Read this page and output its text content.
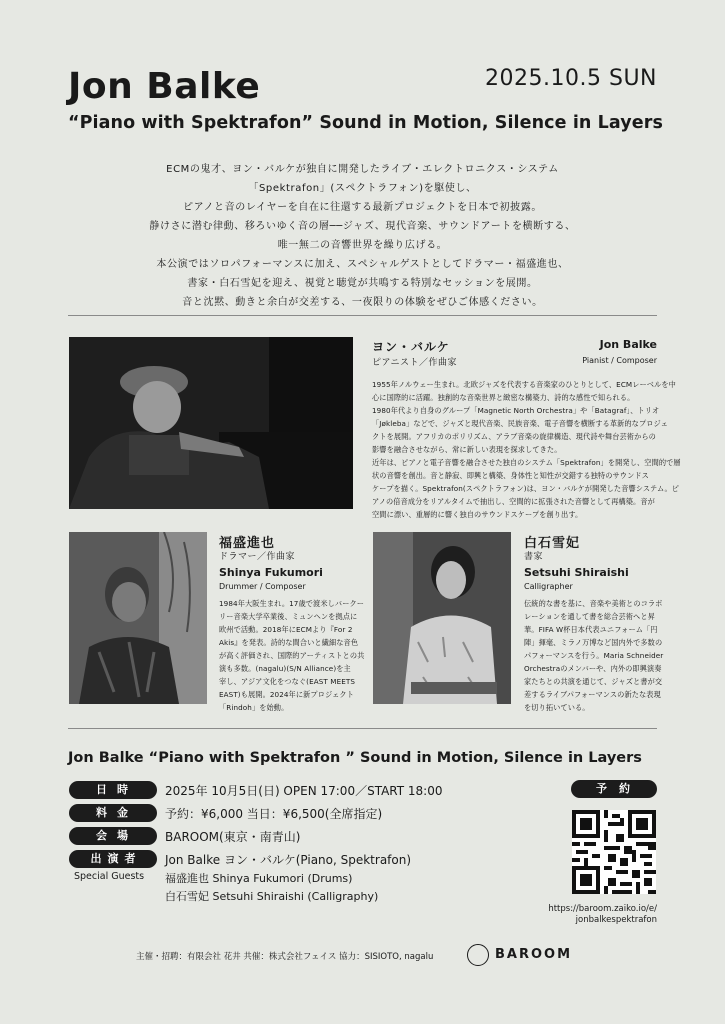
Jon Balke	2025.10.5 SUN
“Piano with Spektrafon” Sound in Motion, Silence in Layers
ECMの鬼才、ヨン・バルケが独自に開発したライブ・エレクトロニクス・システム
「Spektrafon」(スペクトラフォン)を駆使し、
ピアノと音のレイヤーを自在に往還する最新プロジェクトを日本で初披露。
静けさに潜む律動、移ろいゆく音の層──ジャズ、現代音楽、サウンドアートを横断する、
唯一無二の音響世界を繰り広げる。
本公演ではソロパフォーマンスに加え、スペシャルゲストとしてドラマー・福盛進也、
書家・白石雪妃を迎え、視覚と聴覚が共鳴する特別なセッションを展開。
音と沈黙、動きと余白が交差する、一夜限りの体験をぜひご体感ください。
ヨン・バルケ
ピアニスト／作曲家
Jon Balke
Pianist / Composer
1955年ノルウェー生まれ。北欧ジャズを代表する音楽家のひとりとして、ECMレーベルを中
心に国際的に活躍。独創的な音楽世界と緻密な構築力、詩的な感性で知られる。
1980年代より自身のグループ「Magnetic North Orchestra」や「Batagraf」、トリオ
「Jøkleba」などで、ジャズと現代音楽、民族音楽、電子音響を横断する革新的なプロジェ
クトを展開。アフリカのポリリズム、アラブ音楽の旋律構造、現代詩や舞台芸術からの
影響を融合させながら、常に新しい表現を探求してきた。
近年は、ピアノと電子音響を融合させた独自のシステム「Spektrafon」を開発し、空間的で層
状の音響を創出。音と静寂、即興と構築、身体性と知性が交錯する独特のサウンドス
ケープを描く。Spektrafon(スペクトラフォン)は、ヨン・バルケが開発した音響システム。ピ
アノの倍音成分をリアルタイムで抽出し、空間的に拡張された音響として再構築。音が
空間に漂い、重層的に響く独自のサウンドスケープを創り出す。
福盛進也
ドラマー／作曲家
Shinya Fukumori
Drummer / Composer
1984年大阪生まれ。17歳で渡米しバークー
リー音楽大学卒業後、ミュンヘンを拠点に
欧州で活動。2018年にECMより『For 2
Akis』を発表。詩的な間合いと繊細な音色
が高く評価され、国際的アーティストとの共
演も多数。(nagalu)(S/N Alliance)を主
宰し、アジア文化をつなぐ(EAST MEETS
EAST)も展開。2024年に新プロジェクト
「Rindoh」を始動。
白石雪妃
書家
Setsuhi Shiraishi
Calligrapher
伝統的な書を基に、音楽や美術とのコラボ
レーションを通して書を総合芸術へと昇
華。FIFA W杯日本代表ユニフォーム「円
陣」揮毫、ミラノ万博など国内外で多数の
パフォーマンスを行う。Maria Schneider
Orchestraのメンバーや、内外の即興演奏
家たちとの共演を通じて、ジャズと書が交
差するライブパフォーマンスの新たな表現
を切り拓いている。
Jon Balke “Piano with Spektrafon ” Sound in Motion, Silence in Layers
日時	2025年 10月5日(日) OPEN 17:00／START 18:00
料金	予約：¥6,000 当日：¥6,500(全席指定)
会場	BAROOM(東京・南青山)
出演者	Jon Balke ヨン・バルケ(Piano, Spektrafon)
Special Guests 福盛進也 Shinya Fukumori (Drums)
白石雪妃 Setsuhi Shiraishi (Calligraphy)
予約
https://baroom.zaiko.io/e/
jonbalkespektrafon
主催・招聘：有限会社 花井 共催：株式会社フェイス 協力：SISIOTO, nagalu	BAROOM
